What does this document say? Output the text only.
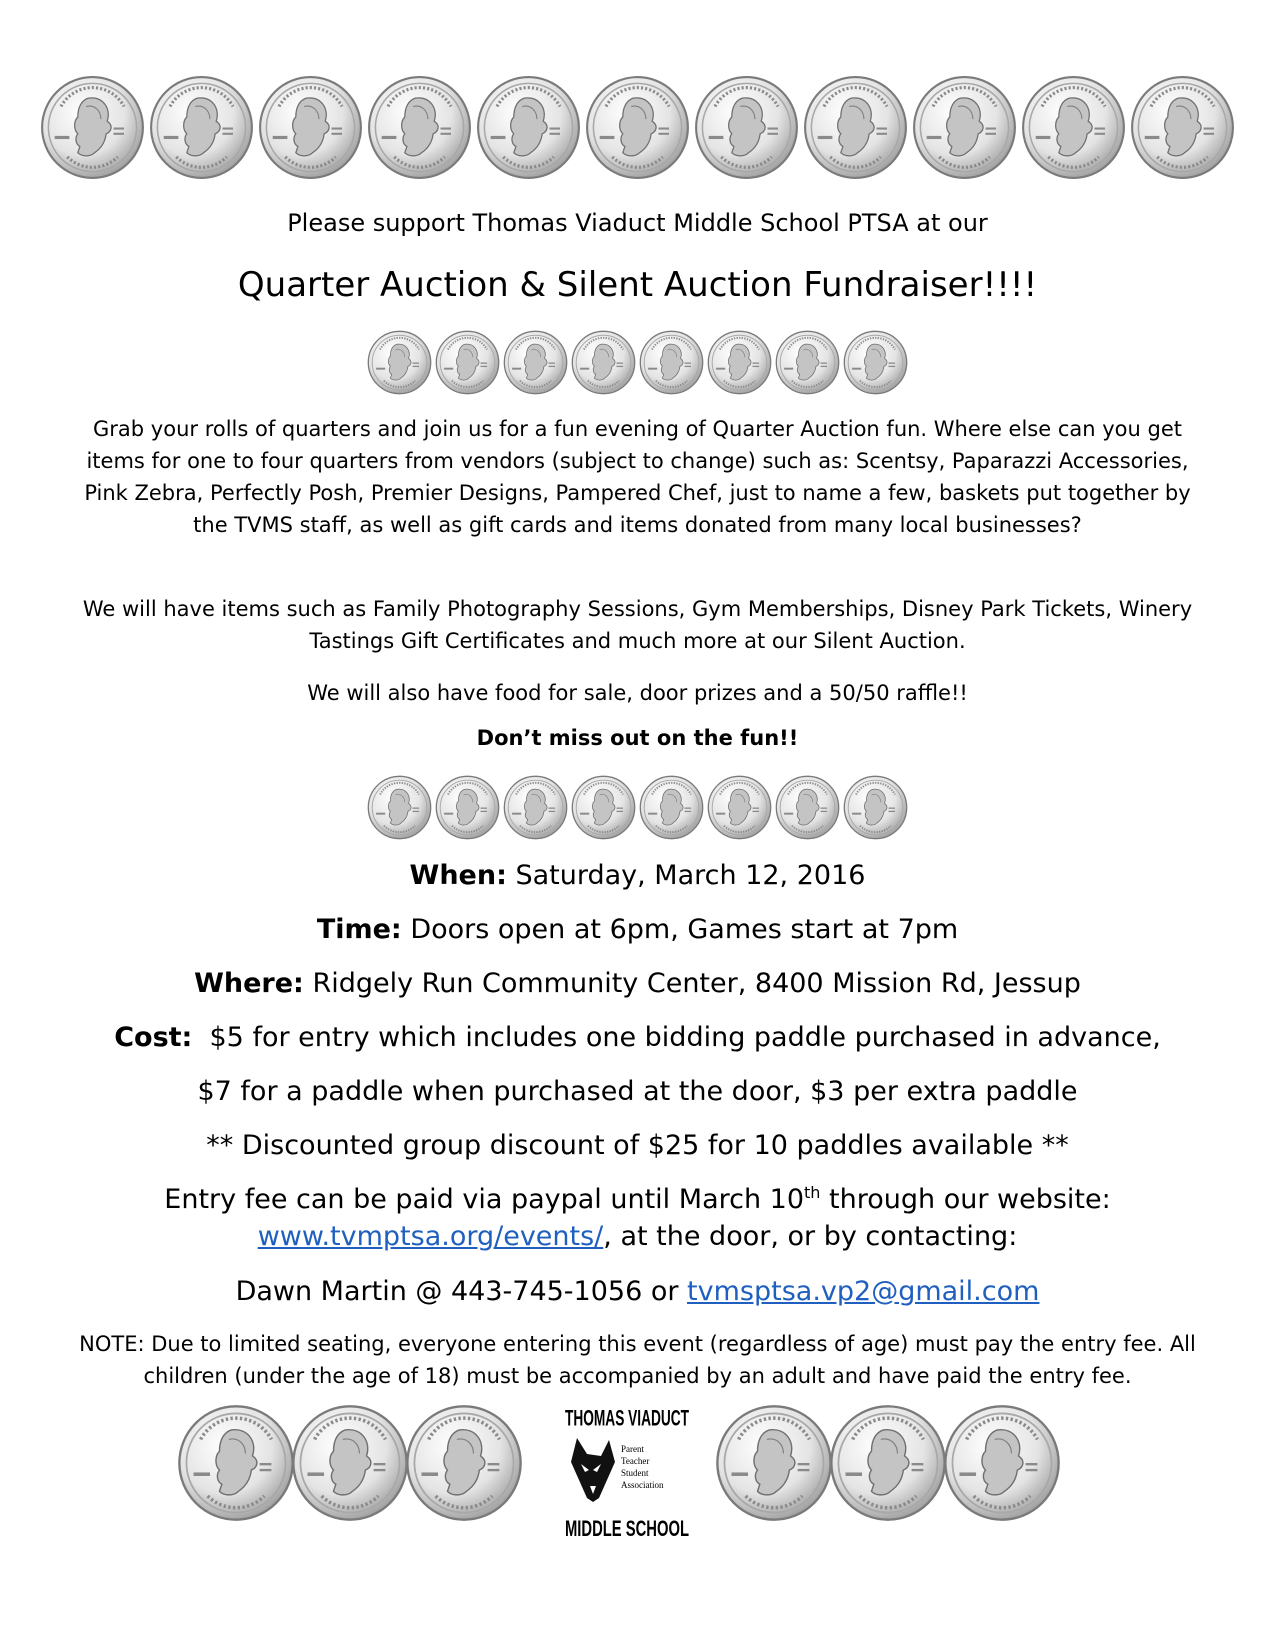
Please support Thomas Viaduct Middle School PTSA at our
Quarter Auction & Silent Auction Fundraiser!!!!

Grab your rolls of quarters and join us for a fun evening of Quarter Auction fun. Where else can you get items for one to four quarters from vendors (subject to change) such as: Scentsy, Paparazzi Accessories, Pink Zebra, Perfectly Posh, Premier Designs, Pampered Chef, just to name a few, baskets put together by the TVMS staff, as well as gift cards and items donated from many local businesses?

We will have items such as Family Photography Sessions, Gym Memberships, Disney Park Tickets, Winery Tastings Gift Certificates and much more at our Silent Auction.

We will also have food for sale, door prizes and a 50/50 raffle!!

Don’t miss out on the fun!!
When: Saturday, March 12, 2016
Time: Doors open at 6pm, Games start at 7pm
Where: Ridgely Run Community Center, 8400 Mission Rd, Jessup
Cost:  $5 for entry which includes one bidding paddle purchased in advance,
$7 for a paddle when purchased at the door, $3 per extra paddle
** Discounted group discount of $25 for 10 paddles available **
Entry fee can be paid via paypal until March 10th through our website:
www.tvmptsa.org/events/, at the door, or by contacting:
Dawn Martin @ 443-745-1056 or tvmsptsa.vp2@gmail.com

NOTE: Due to limited seating, everyone entering this event (regardless of age) must pay the entry fee. All children (under the age of 18) must be accompanied by an adult and have paid the entry fee.

THOMAS VIADUCT
Parent
Teacher
Student
Association
MIDDLE SCHOOL
